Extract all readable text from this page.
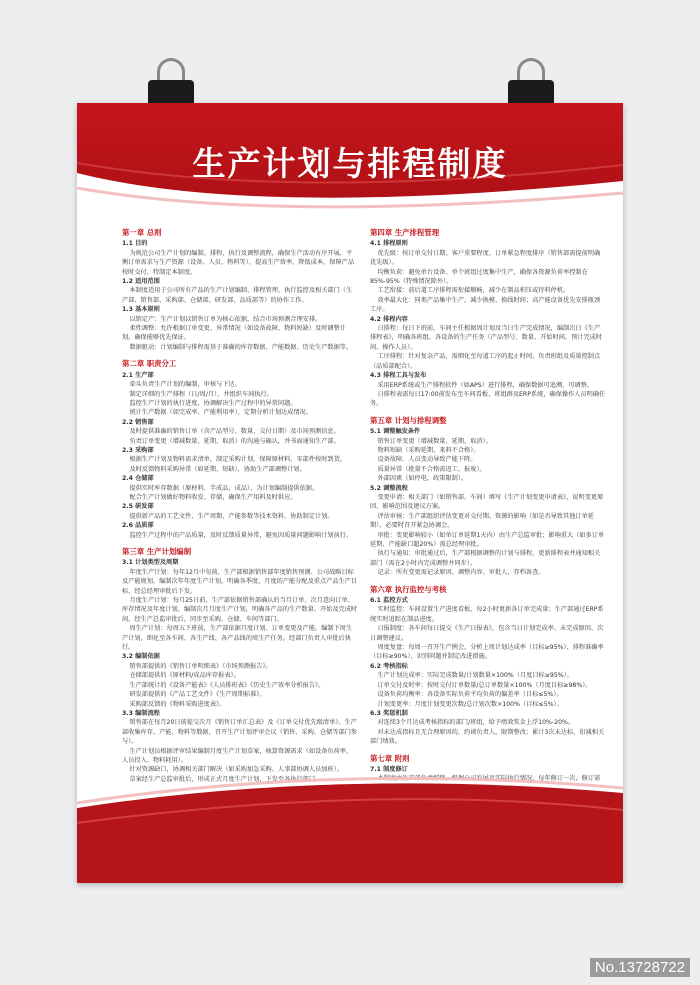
生产计划与排程制度
第一章 总则
1.1 目的
为规范公司生产计划的编制、排程、执行及调整流程，确保生产活动有序开展，平衡订单需求与生产资源（设备、人员、物料等），提高生产效率、降低成本，保障产品按时交付，特制定本制度。
1.2 适用范围
本制度适用于公司所有产品的生产计划编制、排程管理、执行监控及相关部门（生产部、销售部、采购部、仓储部、研发部、品质部等）的协作工作。
1.3 基本原则
以销定产：生产计划以销售订单为核心依据，结合市场预测合理安排。
柔性调整：允许根据订单变更、异常情况（如设备故障、物料短缺）及时调整计划，确保能够优先保证。
数据驱动：计划编制与排程需基于准确的库存数据、产能数据、历史生产数据等。
第二章 职责分工
2.1 生产部
牵头负责生产计划的编制、审核与下达。
制定详细的生产排程（日/周/月），并组织车间执行。
监控生产计划的执行进度，协调解决生产过程中的异常问题。
统计生产数据（如完成率、产能利用率），定期分析计划达成情况。
2.2 销售部
及时提供准确的销售订单（含产品型号、数量、交付日期）及市场预测信息。
负责订单变更（增减数量、延期、取消）的沟通与确认，并书面通知生产部。
2.3 采购部
根据生产计划及物料需求清单，制定采购计划，保障原材料、零部件按时到货。
及时反馈物料采购异常（如延期、短缺），协助生产部调整计划。
2.4 仓储部
提供实时库存数据（原材料、半成品、成品），为计划编制提供依据。
配合生产计划做好物料收发、存储，确保生产用料及时供应。
2.5 研发部
提供新产品的工艺文件、生产周期、产能参数等技术资料，协助制定计划。
2.6 品质部
监控生产过程中的产品质量，及时反馈质量异常，避免因质量问题影响计划执行。
第三章 生产计划编制
3.1 计划类型及周期
年度生产计划：每年12月中旬前，生产部根据销售部年度销售预测、公司战略目标及产能规划，编制次年年度生产计划，明确各季度、月度的产能分配及重点产品生产目标，经总经理审批后下发。
月度生产计划：每月25日前，生产部依据销售部确认的当月订单、次月意向订单、库存情况及年度计划，编制次月月度生产计划，明确各产品的生产数量、开始及完成时间，经生产总监审批后，同步至采购、仓储、车间等部门。
周生产计划：每周五下班前，生产部依据月度计划、订单变更及产能，编制下周生产计划，细化至各车间、各生产线、各产品线的周生产任务，经部门负责人审批后执行。
3.2 编制依据
销售部提供的《销售订单明细表》《市场预测报告》。
仓储部提供的《原材料/成品库存报表》。
生产部统计的《设备产能表》《人员排班表》《历史生产效率分析报告》。
研发部提供的《产品工艺文件》《生产周期标准》。
采购部反馈的《物料采购进度表》。
3.3 编制流程
销售部在每月20日前提交次月《销售订单汇总表》及《订单交付优先级清单》。生产部收集库存、产能、物料等数据，召开生产计划评审会议（销售、采购、仓储等部门参与）。
生产计划员根据评审结果编制月度生产计划草案，核算资源需求（如设备负荷率、人员投入、物料耗用）。
针对资源缺口，协调相关部门解决（如采购加急采购、人事部协调人员加班）。
草案经生产总监审批后，形成正式月度生产计划，下发至各执行部门。
第四章 生产排程管理
4.1 排程原则
优先级：按订单交付日期、客户重要程度、订单紧急程度排序（销售部需提前明确优先级）。
均衡负荷：避免单台设备、单个班组过度集中生产，确保各资源负荷率控制在85%-95%（特殊情况除外）。
工艺衔接：前后道工序排程需衔接顺畅，减少在制品积压或待料停机。
效率最大化：同类产品集中生产，减少换模、换线时间；高产能设备优先安排瓶颈工序。
4.2 排程内容
日排程：每日下班前，车间主任根据周计划及当日生产完成情况，编制次日《生产排程表》，明确各班组、各设备的生产任务（产品型号、数量、开始时间、预计完成时间、操作人员）。
工序排程：针对复杂产品，需细化至每道工序的起止时间，负责班组及质量控制点（品质部配合）。
4.3 排程工具与发布
采用ERP系统或生产排程软件（如APS）进行排程，确保数据可追溯、可调整。
日排程表需每日17:00前发布至车间看板、班组群及ERP系统，确保操作人员明确任务。
第五章 计划与排程调整
5.1 调整触发条件
销售订单变更（增减数量、延期、取消）。
物料短缺（采购延期、来料不合格）。
设备故障、人员变动导致产能下降。
质量异常（批量不合格需返工、报废）。
外部因素（如停电、政策限制）。
5.2 调整流程
变更申请：相关部门（如销售部、车间）填写《生产计划变更申请表》，说明变更原因、影响范围及建议方案。
评估审核：生产部组织评估变更对交付期、资源的影响（如是否导致其他订单延期），必要时召开紧急协调会。
审批：变更影响较小（如单订单延期1天内）由生产总监审批；影响重大（如多订单延期、产能缺口超20%）需总经理审批。
执行与通知：审批通过后，生产部根据调整的计划与排程，更新排程表并通知相关部门（需在2小时内完成调整并同步）。
记录：所有变更需记录原因、调整内容、审批人，存档备查。
第六章 执行监控与考核
6.1 监控方式
实时监控：车间设置生产进度看板，每2小时更新各订单完成量；生产部通过ERP系统实时追踪在制品进度。
日报制度：各车间每日提交《生产日报表》，包含当日计划完成率、未完成原因、次日调整建议。
周度复盘：每周一召开生产例会，分析上周计划达成率（目标≥95%）、排程准确率（目标≥90%），识别问题并制定改进措施。
6.2 考核指标
生产计划达成率：实际完成数量/计划数量×100%（月度目标≥95%）。
订单交付及时率：按时交付订单数量/总订单数量×100%（月度目标≥98%）。
设备负荷均衡率：各设备实际负荷平均负荷的偏差率（目标≤5%）。
计划变更率：月度计划变更次数/总计划次数×100%（目标≤5%）。
6.3 奖惩机制
对连续3个月达成考核指标的部门/班组，给予绩效奖金上浮10%-20%。
对未达成指标且无合理原因的，约谈负责人，限期整改；累计3次未达标，扣减相关部门绩效。
第七章 附则
7.1 制度修订
本制度由生产部负责解释，根据公司发展及实际执行情况，每年修订一次，修订需
No.13728722
